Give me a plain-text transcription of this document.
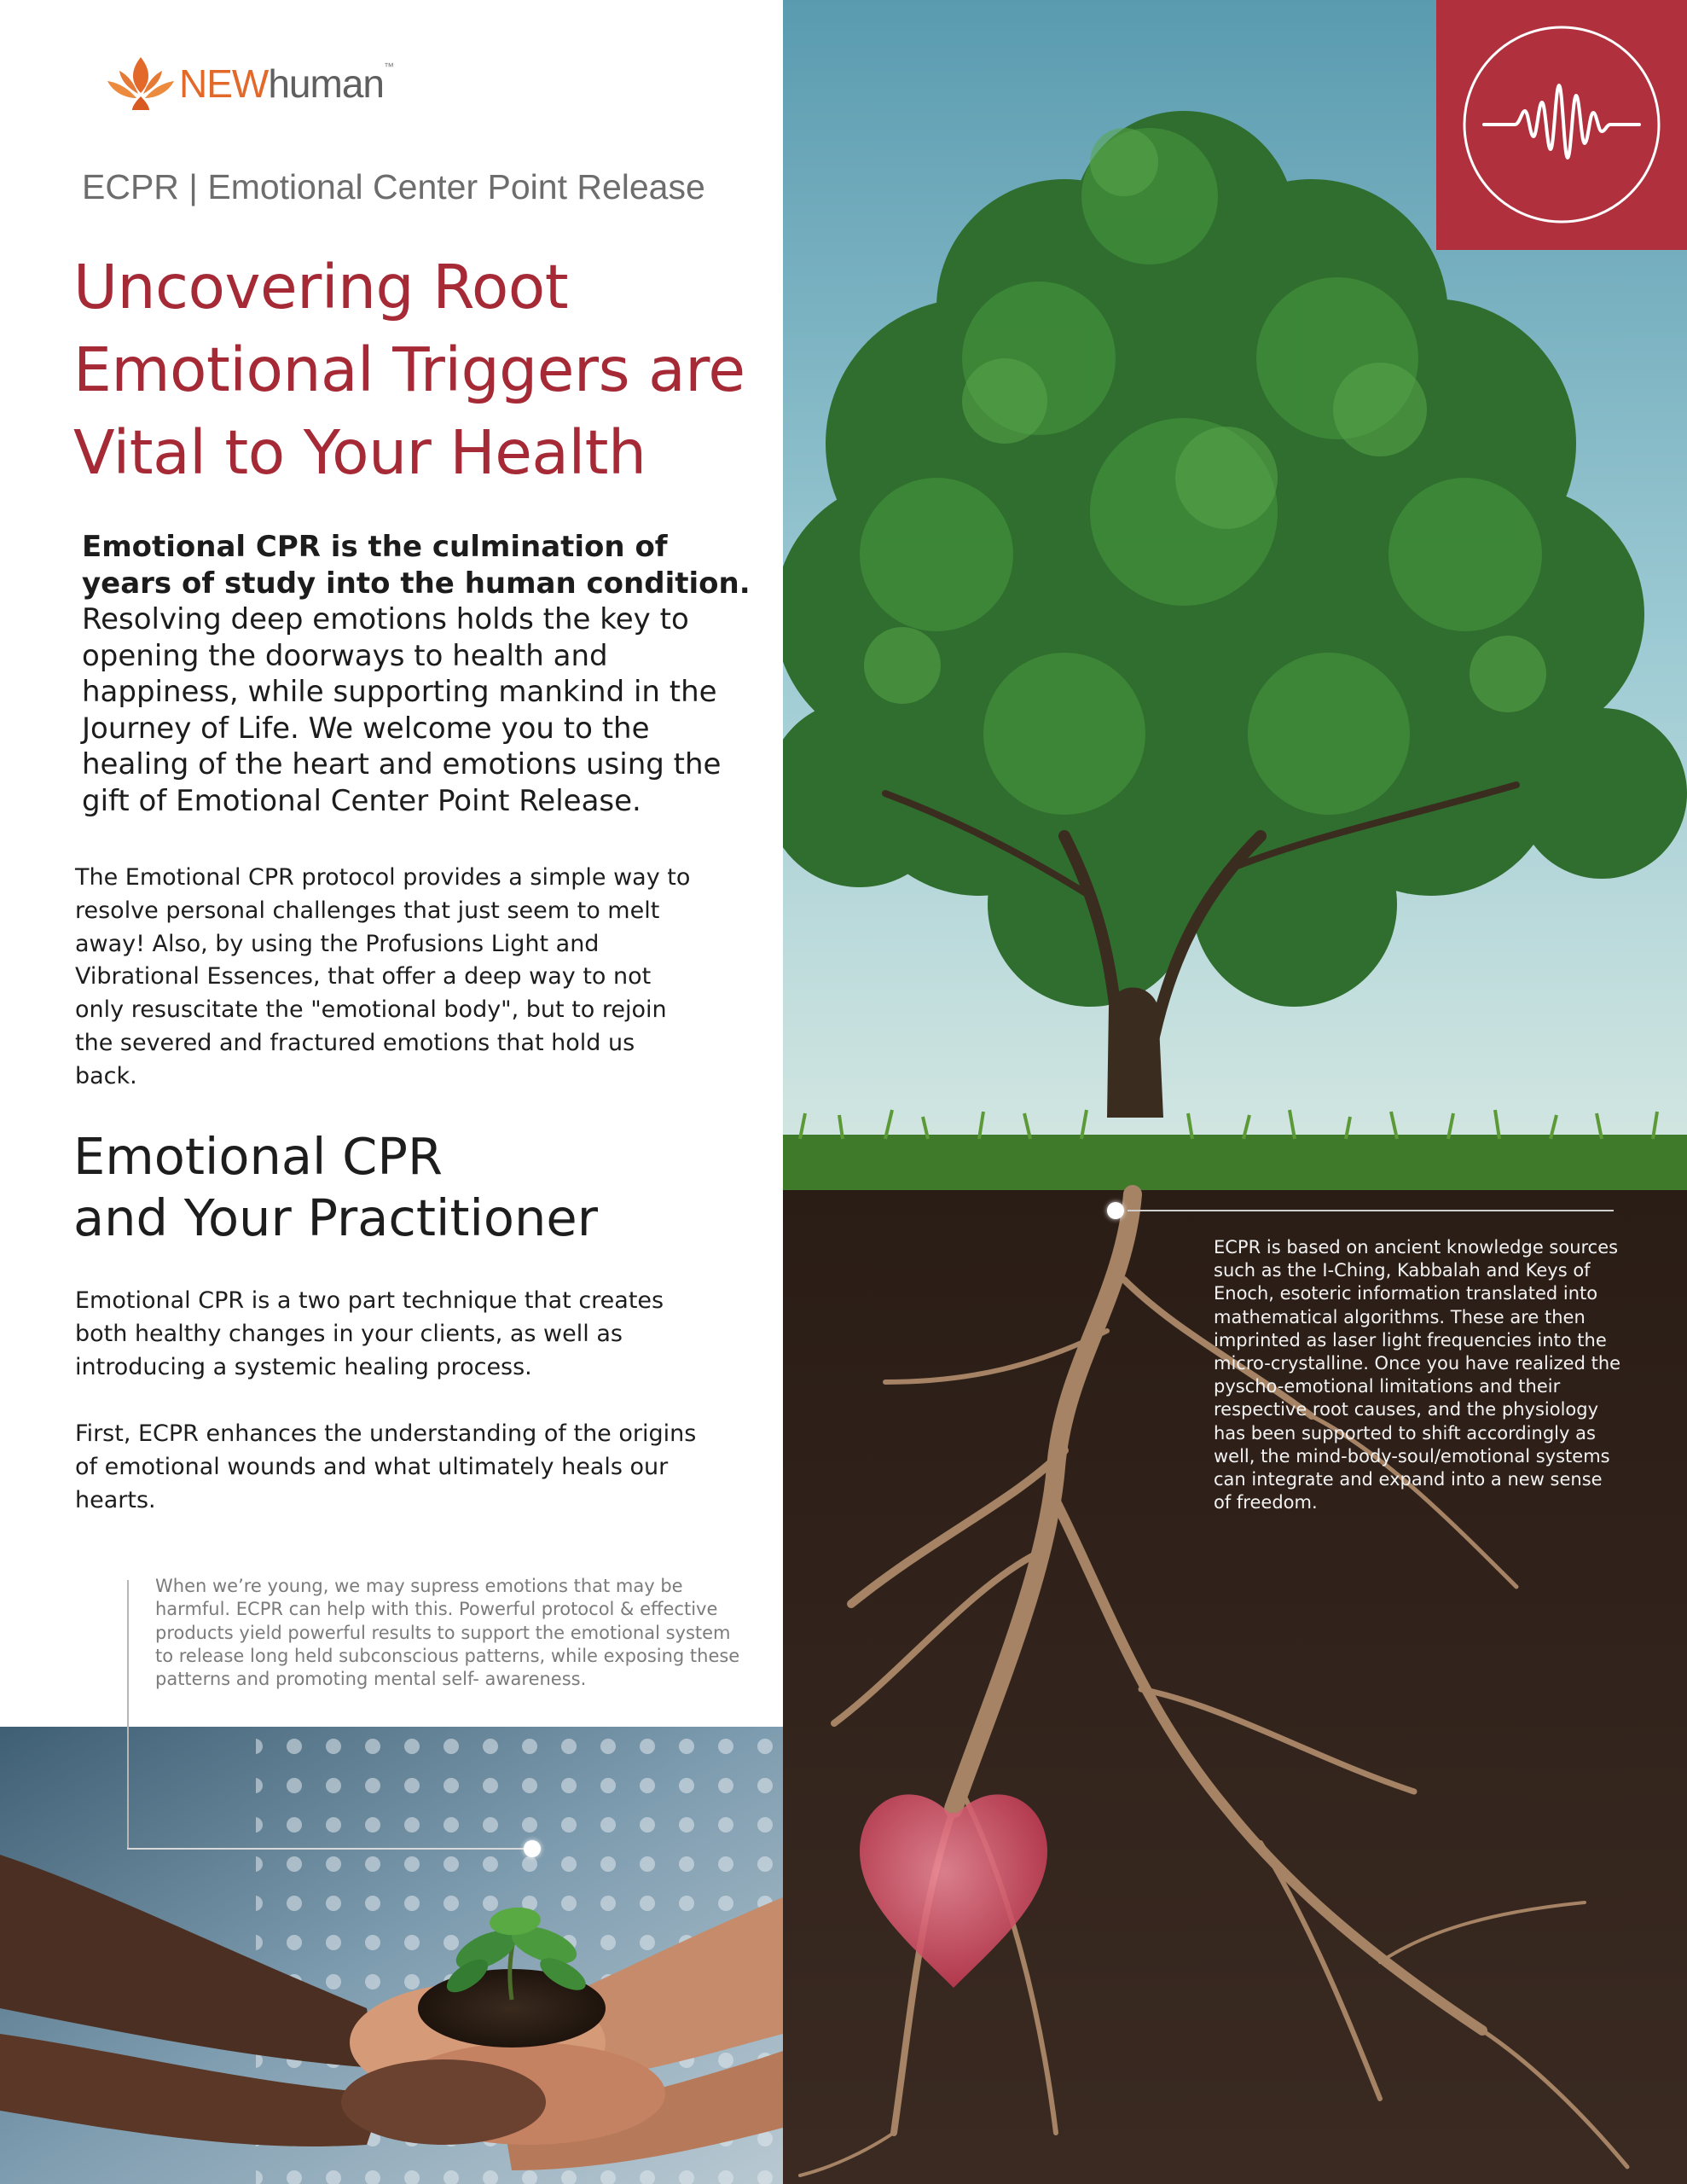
NEWhuman™
ECPR | Emotional Center Point Release
Uncovering Root
Emotional Triggers are
Vital to Your Health
Emotional CPR is the culmination of years of study into the human condition. Resolving deep emotions holds the key to opening the doorways to health and happiness, while supporting mankind in the Journey of Life. We welcome you to the healing of the heart and emotions using the gift of Emotional Center Point Release.

The Emotional CPR protocol provides a simple way to resolve personal challenges that just seem to melt away! Also, by using the Profusions Light and Vibrational Essences, that offer a deep way to not only resuscitate the "emotional body", but to rejoin the severed and fractured emotions that hold us back.

Emotional CPR
and Your Practitioner

Emotional CPR is a two part technique that creates both healthy changes in your clients, as well as introducing a systemic healing process.

First, ECPR enhances the understanding of the origins of emotional wounds and what ultimately heals our hearts.

When we’re young, we may supress emotions that may be harmful. ECPR can help with this. Powerful protocol & effective products yield powerful results to support the emotional system to release long held subconscious patterns, while exposing these patterns and promoting mental self- awareness.

ECPR is based on ancient knowledge sources such as the I-Ching, Kabbalah and Keys of Enoch, esoteric information translated into mathematical algorithms. These are then imprinted as laser light frequencies into the micro-crystalline. Once you have realized the pyscho-emotional limitations and their respective root causes, and the physiology has been supported to shift accordingly as well, the mind-body-soul/emotional systems can integrate and expand into a new sense of freedom.
